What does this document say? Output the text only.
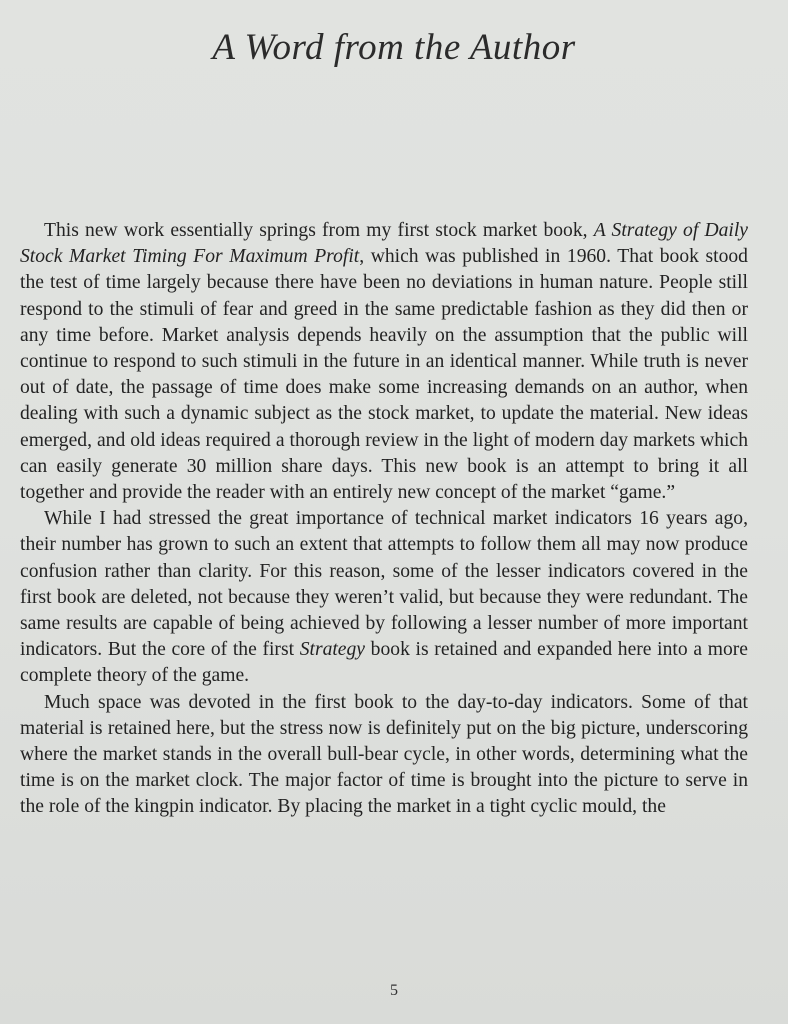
A Word from the Author

This new work essentially springs from my first stock market book, A Strategy of Daily Stock Market Timing For Maximum Profit, which was published in 1960. That book stood the test of time largely because there have been no deviations in human nature. People still respond to the stimuli of fear and greed in the same predictable fashion as they did then or any time before. Market analysis depends heavily on the assumption that the public will continue to respond to such stimuli in the future in an identical manner. While truth is never out of date, the passage of time does make some increasing demands on an author, when dealing with such a dynamic subject as the stock market, to update the material. New ideas emerged, and old ideas required a thorough review in the light of modern day markets which can easily generate 30 million share days. This new book is an attempt to bring it all together and provide the reader with an entirely new concept of the market “game.”

While I had stressed the great importance of technical market indicators 16 years ago, their number has grown to such an extent that attempts to follow them all may now produce confusion rather than clarity. For this reason, some of the lesser indicators covered in the first book are deleted, not because they weren’t valid, but because they were redundant. The same results are capable of being achieved by following a lesser number of more important indicators. But the core of the first Strategy book is retained and expanded here into a more complete theory of the game.

Much space was devoted in the first book to the day-to-day indicators. Some of that material is retained here, but the stress now is definitely put on the big picture, underscoring where the market stands in the overall bull-bear cycle, in other words, determining what the time is on the market clock. The major factor of time is brought into the picture to serve in the role of the kingpin indicator. By placing the market in a tight cyclic mould, the

5
